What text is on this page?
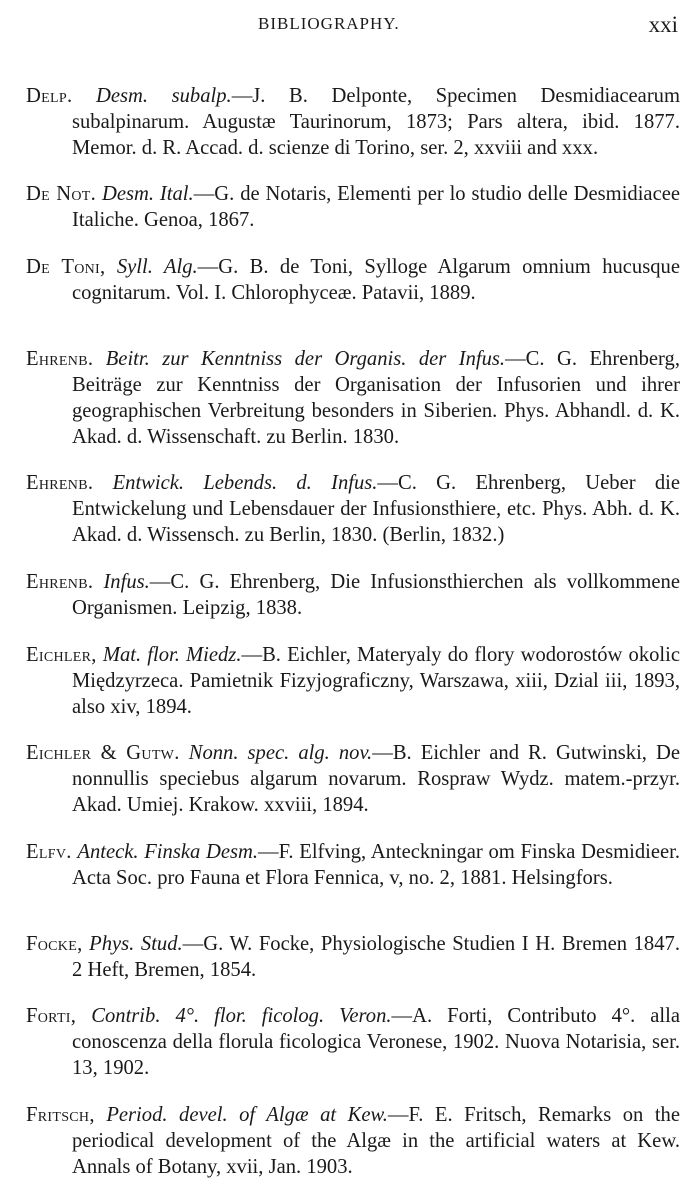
BIBLIOGRAPHY.	xxi

Delp. Desm. subalp.—J. B. Delponte, Specimen Desmidiacearum subalpinarum. Augustæ Taurinorum, 1873; Pars altera, ibid. 1877. Memor. d. R. Accad. d. scienze di Torino, ser. 2, xxviii and xxx.

De Not. Desm. Ital.—G. de Notaris, Elementi per lo studio delle Desmidiacee Italiche. Genoa, 1867.

De Toni, Syll. Alg.—G. B. de Toni, Sylloge Algarum omnium hucusque cognitarum. Vol. I. Chlorophyceæ. Patavii, 1889.

Ehrenb. Beitr. zur Kenntniss der Organis. der Infus.—C. G. Ehrenberg, Beiträge zur Kenntniss der Organisation der Infusorien und ihrer geographischen Verbreitung besonders in Siberien. Phys. Abhandl. d. K. Akad. d. Wissenschaft. zu Berlin. 1830.

Ehrenb. Entwick. Lebends. d. Infus.—C. G. Ehrenberg, Ueber die Entwickelung und Lebensdauer der Infusionsthiere, etc. Phys. Abh. d. K. Akad. d. Wissensch. zu Berlin, 1830. (Berlin, 1832.)

Ehrenb. Infus.—C. G. Ehrenberg, Die Infusionsthierchen als vollkommene Organismen. Leipzig, 1838.

Eichler, Mat. flor. Miedz.—B. Eichler, Materyaly do flory wodorostów okolic Międzyrzeca. Pamietnik Fizyjograficzny, Warszawa, xiii, Dzial iii, 1893, also xiv, 1894.

Eichler & Gutw. Nonn. spec. alg. nov.—B. Eichler and R. Gutwinski, De nonnullis speciebus algarum novarum. Rospraw Wydz. matem.-przyr. Akad. Umiej. Krakow. xxviii, 1894.

Elfv. Anteck. Finska Desm.—F. Elfving, Anteckningar om Finska Desmidieer. Acta Soc. pro Fauna et Flora Fennica, v, no. 2, 1881. Helsingfors.

Focke, Phys. Stud.—G. W. Focke, Physiologische Studien I H. Bremen 1847. 2 Heft, Bremen, 1854.

Forti, Contrib. 4°. flor. ficolog. Veron.—A. Forti, Contributo 4°. alla conoscenza della florula ficologica Veronese, 1902. Nuova Notarisia, ser. 13, 1902.

Fritsch, Period. devel. of Algæ at Kew.—F. E. Fritsch, Remarks on the periodical development of the Algæ in the artificial waters at Kew. Annals of Botany, xvii, Jan. 1903.
